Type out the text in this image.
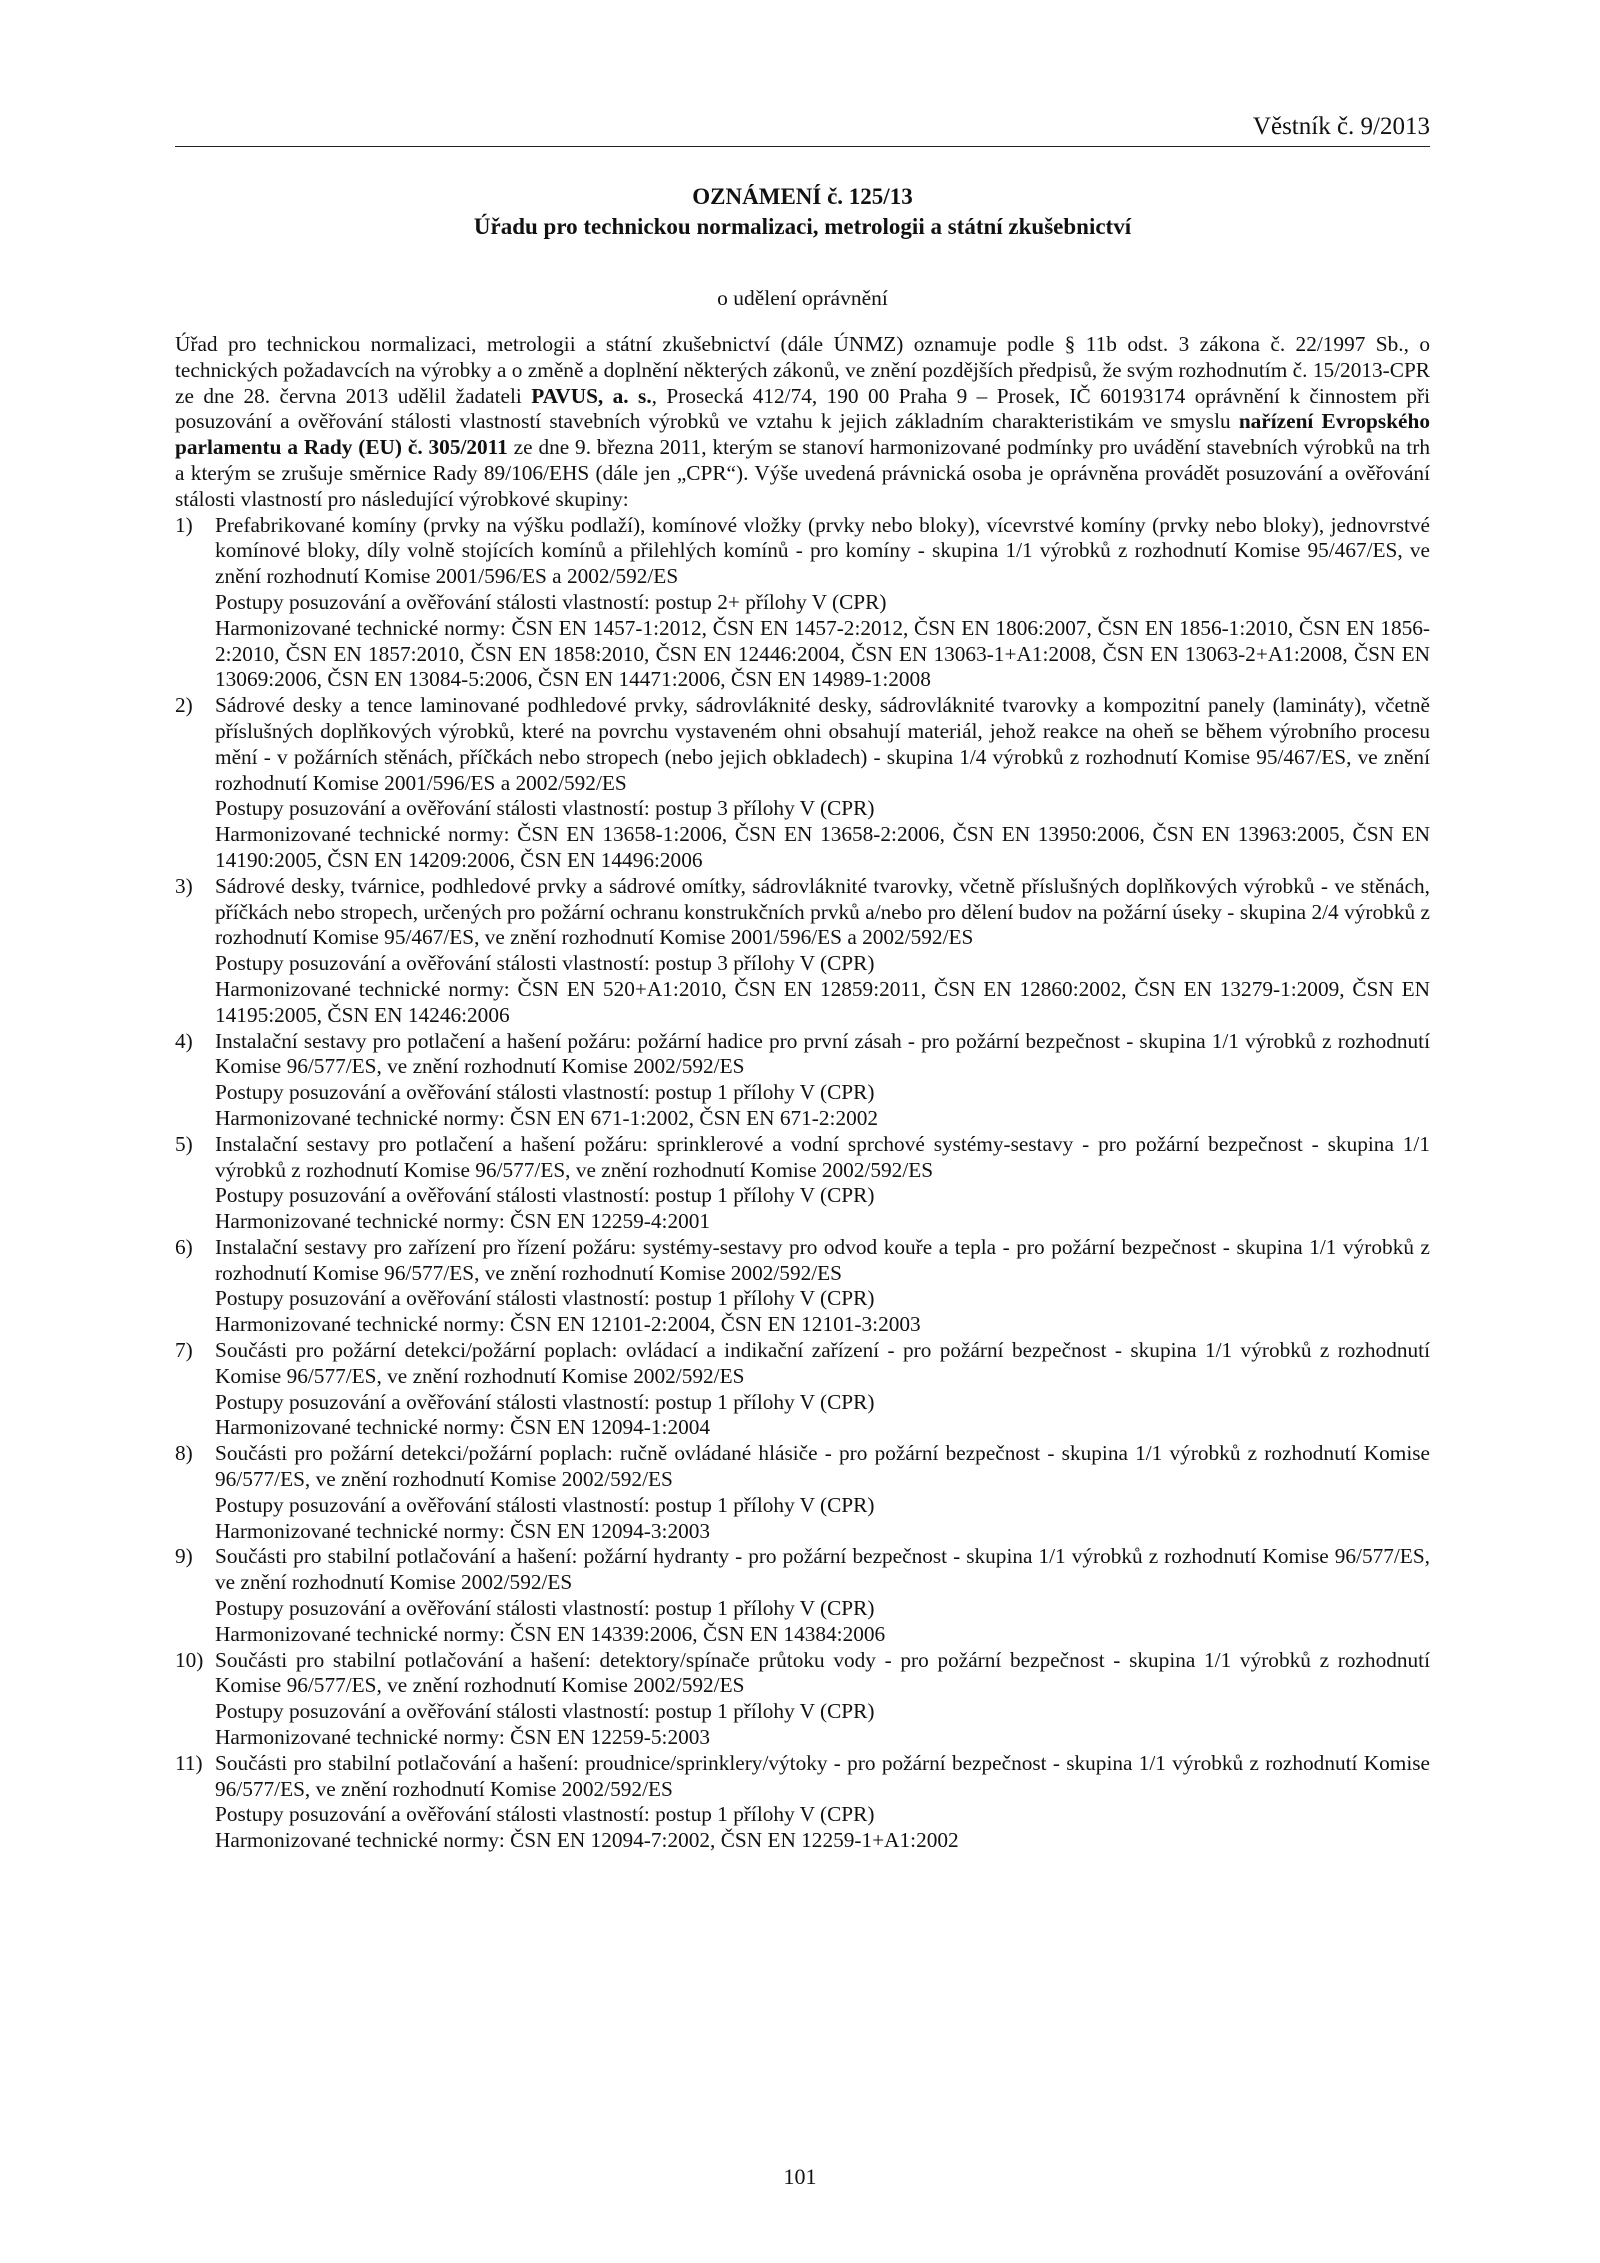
Věstník č. 9/2013
OZNÁMENÍ č. 125/13
Úřadu pro technickou normalizaci, metrologii a státní zkušebnictví
o udělení oprávnění

Úřad pro technickou normalizaci, metrologii a státní zkušebnictví (dále ÚNMZ) oznamuje podle § 11b odst. 3 zákona č. 22/1997 Sb., o technických požadavcích na výrobky a o změně a doplnění některých zákonů, ve znění pozdějších předpisů, že svým rozhodnutím č. 15/2013-CPR ze dne 28. června 2013 udělil žadateli PAVUS, a. s., Prosecká 412/74, 190 00 Praha 9 – Prosek, IČ 60193174 oprávnění k činnostem při posuzování a ověřování stálosti vlastností stavebních výrobků ve vztahu k jejich základním charakteristikám ve smyslu nařízení Evropského parlamentu a Rady (EU) č. 305/2011 ze dne 9. března 2011, kterým se stanoví harmonizované podmínky pro uvádění stavebních výrobků na trh a kterým se zrušuje směrnice Rady 89/106/EHS (dále jen „CPR“). Výše uvedená právnická osoba je oprávněna provádět posuzování a ověřování stálosti vlastností pro následující výrobkové skupiny:

1) Prefabrikované komíny (prvky na výšku podlaží), komínové vložky (prvky nebo bloky), vícevrstvé komíny (prvky nebo bloky), jednovrstvé komínové bloky, díly volně stojících komínů a přilehlých komínů - pro komíny - skupina 1/1 výrobků z rozhodnutí Komise 95/467/ES, ve znění rozhodnutí Komise 2001/596/ES a 2002/592/ES
Postupy posuzování a ověřování stálosti vlastností: postup 2+ přílohy V (CPR)
Harmonizované technické normy: ČSN EN 1457-1:2012, ČSN EN 1457-2:2012, ČSN EN 1806:2007, ČSN EN 1856-1:2010, ČSN EN 1856-2:2010, ČSN EN 1857:2010, ČSN EN 1858:2010, ČSN EN 12446:2004, ČSN EN 13063-1+A1:2008, ČSN EN 13063-2+A1:2008, ČSN EN 13069:2006, ČSN EN 13084-5:2006, ČSN EN 14471:2006, ČSN EN 14989-1:2008
2) Sádrové desky a tence laminované podhledové prvky, sádrovláknité desky, sádrovláknité tvarovky a kompozitní panely (lamináty), včetně příslušných doplňkových výrobků, které na povrchu vystaveném ohni obsahují materiál, jehož reakce na oheň se během výrobního procesu mění - v požárních stěnách, příčkách nebo stropech (nebo jejich obkladech) - skupina 1/4 výrobků z rozhodnutí Komise 95/467/ES, ve znění rozhodnutí Komise 2001/596/ES a 2002/592/ES
Postupy posuzování a ověřování stálosti vlastností: postup 3 přílohy V (CPR)
Harmonizované technické normy: ČSN EN 13658-1:2006, ČSN EN 13658-2:2006, ČSN EN 13950:2006, ČSN EN 13963:2005, ČSN EN 14190:2005, ČSN EN 14209:2006, ČSN EN 14496:2006
3) Sádrové desky, tvárnice, podhledové prvky a sádrové omítky, sádrovláknité tvarovky, včetně příslušných doplňkových výrobků - ve stěnách, příčkách nebo stropech, určených pro požární ochranu konstrukčních prvků a/nebo pro dělení budov na požární úseky - skupina 2/4 výrobků z rozhodnutí Komise 95/467/ES, ve znění rozhodnutí Komise 2001/596/ES a 2002/592/ES
Postupy posuzování a ověřování stálosti vlastností: postup 3 přílohy V (CPR)
Harmonizované technické normy: ČSN EN 520+A1:2010, ČSN EN 12859:2011, ČSN EN 12860:2002, ČSN EN 13279-1:2009, ČSN EN 14195:2005, ČSN EN 14246:2006
4) Instalační sestavy pro potlačení a hašení požáru: požární hadice pro první zásah - pro požární bezpečnost - skupina 1/1 výrobků z rozhodnutí Komise 96/577/ES, ve znění rozhodnutí Komise 2002/592/ES
Postupy posuzování a ověřování stálosti vlastností: postup 1 přílohy V (CPR)
Harmonizované technické normy: ČSN EN 671-1:2002, ČSN EN 671-2:2002
5) Instalační sestavy pro potlačení a hašení požáru: sprinklerové a vodní sprchové systémy-sestavy - pro požární bezpečnost - skupina 1/1 výrobků z rozhodnutí Komise 96/577/ES, ve znění rozhodnutí Komise 2002/592/ES
Postupy posuzování a ověřování stálosti vlastností: postup 1 přílohy V (CPR)
Harmonizované technické normy: ČSN EN 12259-4:2001
6) Instalační sestavy pro zařízení pro řízení požáru: systémy-sestavy pro odvod kouře a tepla - pro požární bezpečnost - skupina 1/1 výrobků z rozhodnutí Komise 96/577/ES, ve znění rozhodnutí Komise 2002/592/ES
Postupy posuzování a ověřování stálosti vlastností: postup 1 přílohy V (CPR)
Harmonizované technické normy: ČSN EN 12101-2:2004, ČSN EN 12101-3:2003
7) Součásti pro požární detekci/požární poplach: ovládací a indikační zařízení - pro požární bezpečnost - skupina 1/1 výrobků z rozhodnutí Komise 96/577/ES, ve znění rozhodnutí Komise 2002/592/ES
Postupy posuzování a ověřování stálosti vlastností: postup 1 přílohy V (CPR)
Harmonizované technické normy: ČSN EN 12094-1:2004
8) Součásti pro požární detekci/požární poplach: ručně ovládané hlásiče - pro požární bezpečnost - skupina 1/1 výrobků z rozhodnutí Komise 96/577/ES, ve znění rozhodnutí Komise 2002/592/ES
Postupy posuzování a ověřování stálosti vlastností: postup 1 přílohy V (CPR)
Harmonizované technické normy: ČSN EN 12094-3:2003
9) Součásti pro stabilní potlačování a hašení: požární hydranty - pro požární bezpečnost - skupina 1/1 výrobků z rozhodnutí Komise 96/577/ES, ve znění rozhodnutí Komise 2002/592/ES
Postupy posuzování a ověřování stálosti vlastností: postup 1 přílohy V (CPR)
Harmonizované technické normy: ČSN EN 14339:2006, ČSN EN 14384:2006
10) Součásti pro stabilní potlačování a hašení: detektory/spínače průtoku vody - pro požární bezpečnost - skupina 1/1 výrobků z rozhodnutí Komise 96/577/ES, ve znění rozhodnutí Komise 2002/592/ES
Postupy posuzování a ověřování stálosti vlastností: postup 1 přílohy V (CPR)
Harmonizované technické normy: ČSN EN 12259-5:2003
11) Součásti pro stabilní potlačování a hašení: proudnice/sprinklery/výtoky - pro požární bezpečnost - skupina 1/1 výrobků z rozhodnutí Komise 96/577/ES, ve znění rozhodnutí Komise 2002/592/ES
Postupy posuzování a ověřování stálosti vlastností: postup 1 přílohy V (CPR)
Harmonizované technické normy: ČSN EN 12094-7:2002, ČSN EN 12259-1+A1:2002
101
